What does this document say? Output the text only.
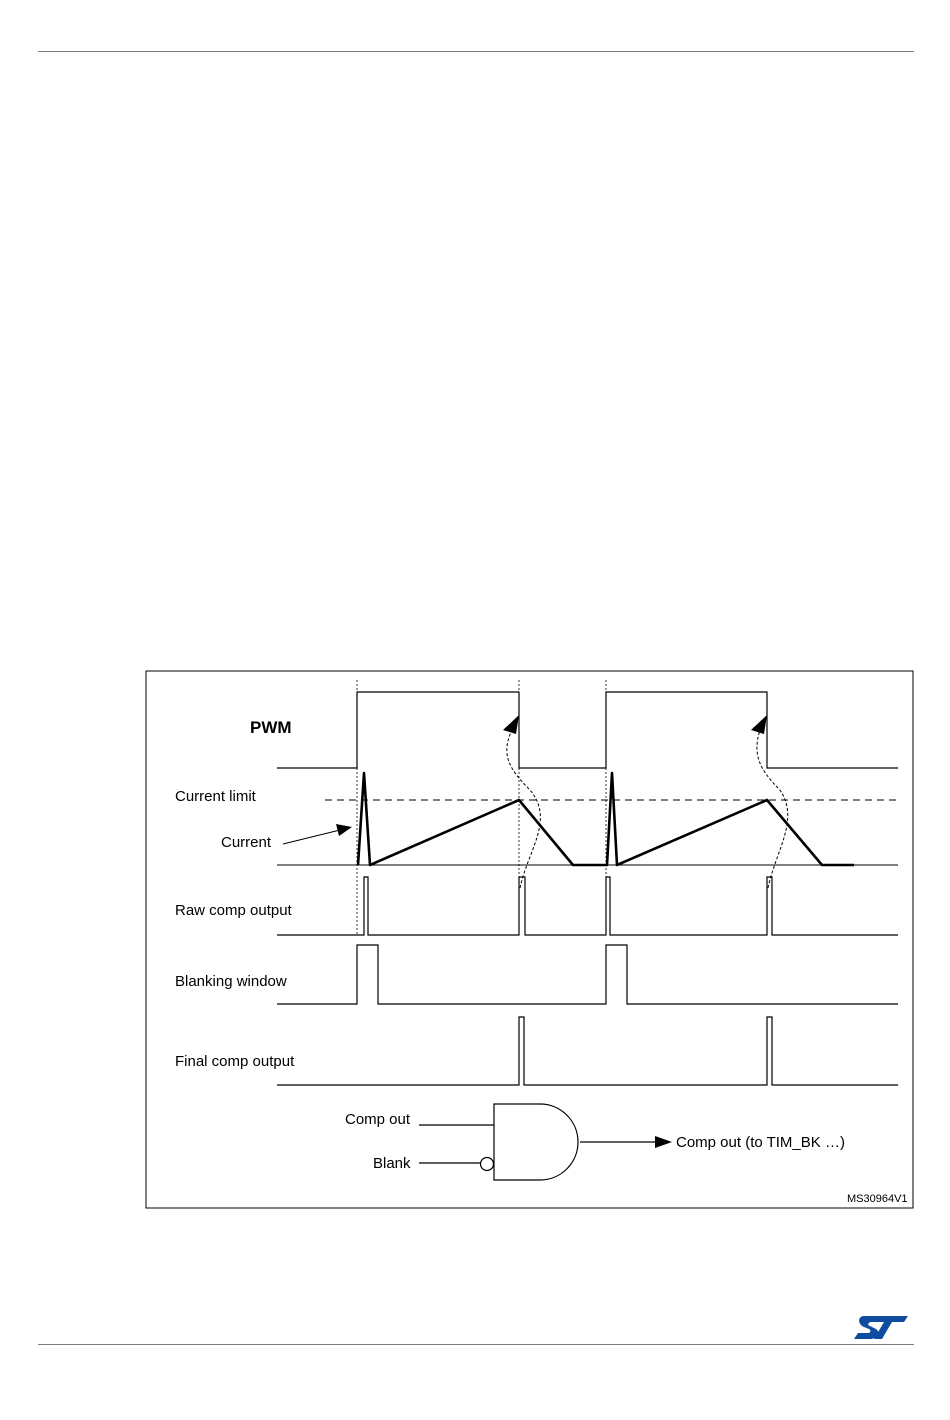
PWM
Current limit
Current
Raw comp output
Blanking window
Final comp output
Comp out
Blank
Comp out (to TIM_BK …)
MS30964V1
